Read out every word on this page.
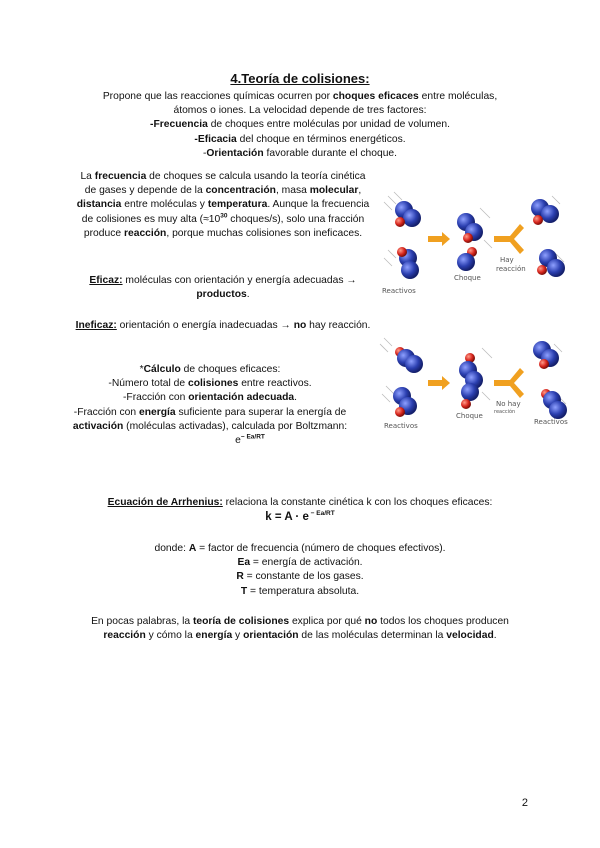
4.Teoría de colisiones:
Propone que las reacciones químicas ocurren por choques eficaces entre moléculas,
átomos o iones. La velocidad depende de tres factores:
-Frecuencia de choques entre moléculas por unidad de volumen.
-Eficacia del choque en términos energéticos.
-Orientación favorable durante el choque.
La frecuencia de choques se calcula usando la teoría cinética de gases y depende de la concentración, masa molecular, distancia entre moléculas y temperatura. Aunque la frecuencia de colisiones es muy alta ($\approx 10^{30}$ choques/s), solo una fracción produce reacción, porque muchas colisiones son ineficaces.
Eficaz: moléculas con orientación y energía adecuadas →
productos.
Ineficaz: orientación o energía inadecuadas → no hay reacción.
*Cálculo de choques eficaces:
-Número total de colisiones entre reactivos.
-Fracción con orientación adecuada.
-Fracción con energía suficiente para superar la energía de
activación (moléculas activadas), calculada por Boltzmann:
$e^{- Ea/RT}$
Reactivos
Choque
Hay
reacción
Reactivos
Choque
No hay
reacción
Reactivos
Ecuación de Arrhenius: relaciona la constante cinética k con los choques eficaces:
k = A · e $^{- Ea/RT}$
donde: A = factor de frecuencia (número de choques efectivos).
Ea = energía de activación.
R = constante de los gases.
T = temperatura absoluta.
En pocas palabras, la teoría de colisiones explica por qué no todos los choques producen
reacción y cómo la energía y orientación de las moléculas determinan la velocidad.
2
